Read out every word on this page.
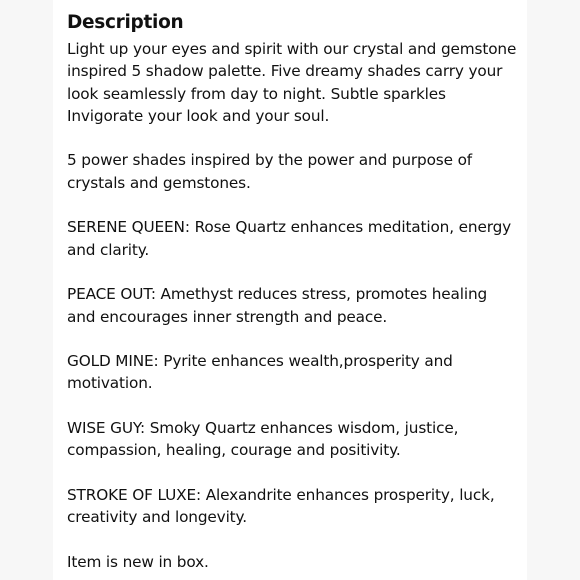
Description
Light up your eyes and spirit with our crystal and gemstone inspired 5 shadow palette. Five dreamy shades carry your look seamlessly from day to night. Subtle sparkles Invigorate your look and your soul.
5 power shades inspired by the power and purpose of crystals and gemstones.
SERENE QUEEN: Rose Quartz enhances meditation, energy and clarity.
PEACE OUT: Amethyst reduces stress, promotes healing and encourages inner strength and peace.
GOLD MINE: Pyrite enhances wealth,prosperity and motivation.
WISE GUY: Smoky Quartz enhances wisdom, justice, compassion, healing, courage and positivity.
STROKE OF LUXE: Alexandrite enhances prosperity, luck, creativity and longevity.
Item is new in box.
